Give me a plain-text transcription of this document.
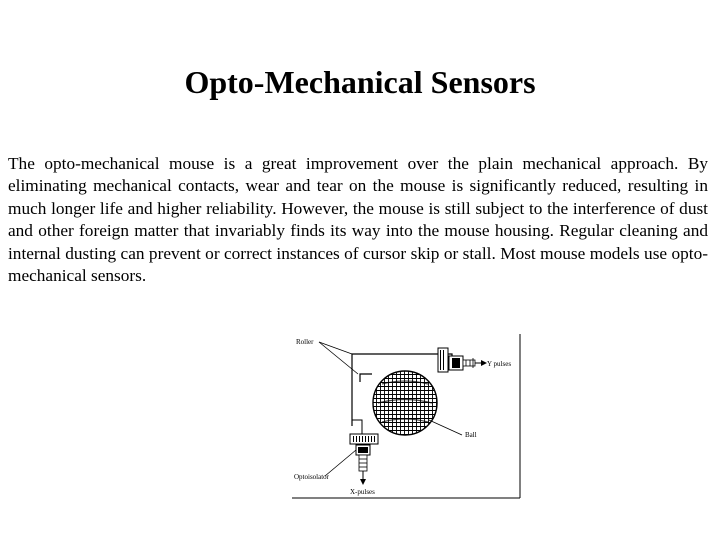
Opto-Mechanical Sensors
The opto-mechanical mouse is a great improvement over the plain mechanical approach. By eliminating mechanical contacts, wear and tear on the mouse is significantly reduced, resulting in much longer life and higher reliability. However, the mouse is still subject to the interference of dust and other foreign matter that invariably finds its way into the mouse housing. Regular cleaning and internal dusting can prevent or correct instances of cursor skip or stall. Most mouse models use opto-mechanical sensors.
Roller
Y pulses
Ball
Optoisolator
X-pulses
